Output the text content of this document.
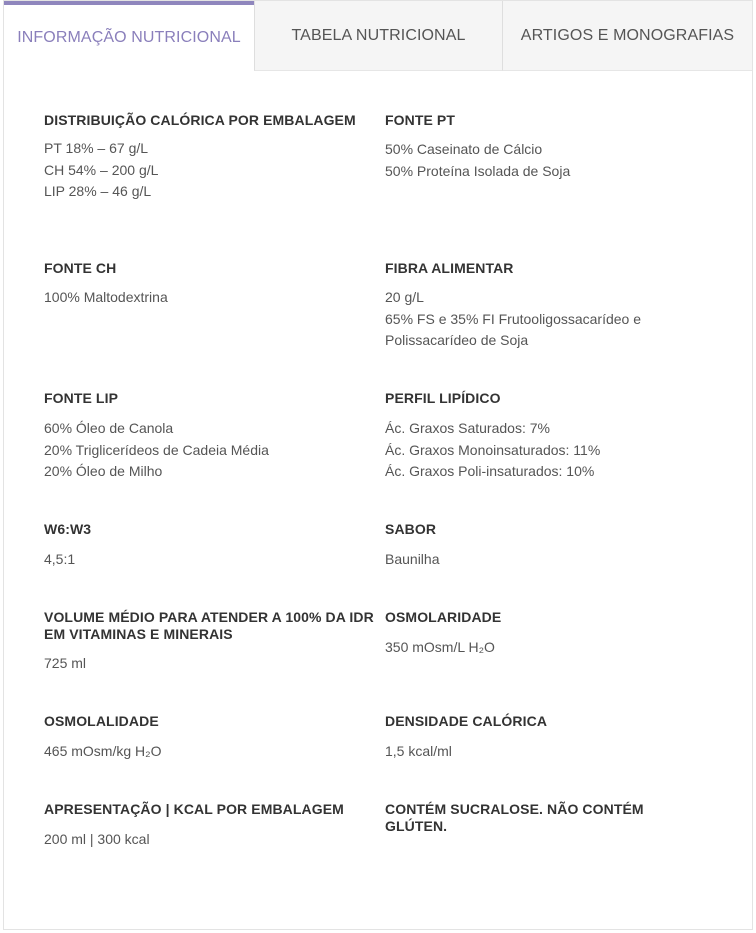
INFORMAÇÃO NUTRICIONAL	TABELA NUTRICIONAL	ARTIGOS E MONOGRAFIAS
DISTRIBUIÇÃO CALÓRICA POR EMBALAGEM
PT 18% – 67 g/L
CH 54% – 200 g/L
LIP 28% – 46 g/L
FONTE PT
50% Caseinato de Cálcio
50% Proteína Isolada de Soja
FONTE CH
100% Maltodextrina
FIBRA ALIMENTAR
20 g/L
65% FS e 35% FI Frutooligossacarídeo e
Polissacarídeo de Soja
FONTE LIP
60% Óleo de Canola
20% Triglicerídeos de Cadeia Média
20% Óleo de Milho
PERFIL LIPÍDICO
Ác. Graxos Saturados: 7%
Ác. Graxos Monoinsaturados: 11%
Ác. Graxos Poli-insaturados: 10%
W6:W3
4,5:1
SABOR
Baunilha
VOLUME MÉDIO PARA ATENDER A 100% DA IDR EM VITAMINAS E MINERAIS
725 ml
OSMOLARIDADE
350 mOsm/L H₂O
OSMOLALIDADE
465 mOsm/kg H₂O
DENSIDADE CALÓRICA
1,5 kcal/ml
APRESENTAÇÃO | KCAL POR EMBALAGEM
200 ml | 300 kcal
CONTÉM SUCRALOSE. NÃO CONTÉM GLÚTEN.
